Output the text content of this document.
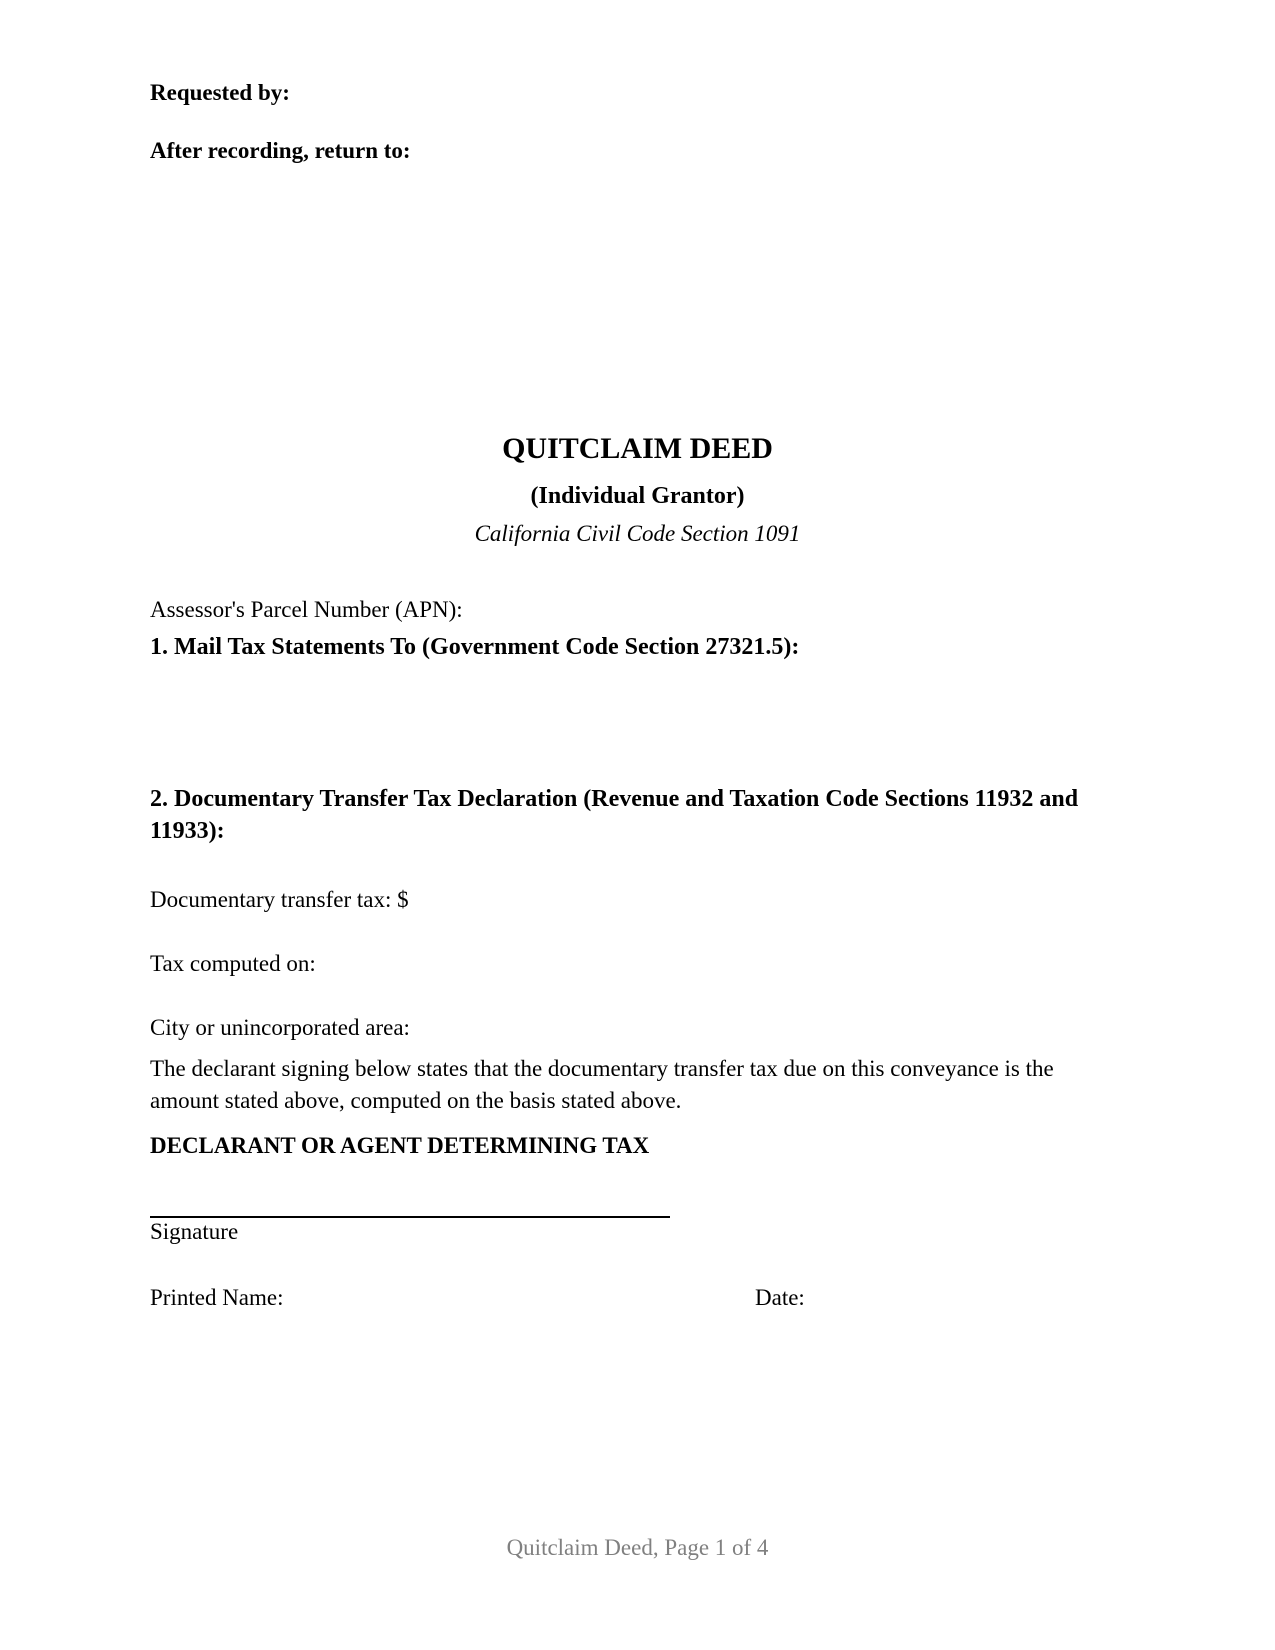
Requested by:
After recording, return to:
QUITCLAIM DEED
(Individual Grantor)
California Civil Code Section 1091
Assessor's Parcel Number (APN):
1. Mail Tax Statements To (Government Code Section 27321.5):
2. Documentary Transfer Tax Declaration (Revenue and Taxation Code Sections 11932 and 11933):
Documentary transfer tax: $
Tax computed on:
City or unincorporated area:
The declarant signing below states that the documentary transfer tax due on this conveyance is the amount stated above, computed on the basis stated above.
DECLARANT OR AGENT DETERMINING TAX
Signature
Printed Name:	Date:
Quitclaim Deed, Page 1 of 4
